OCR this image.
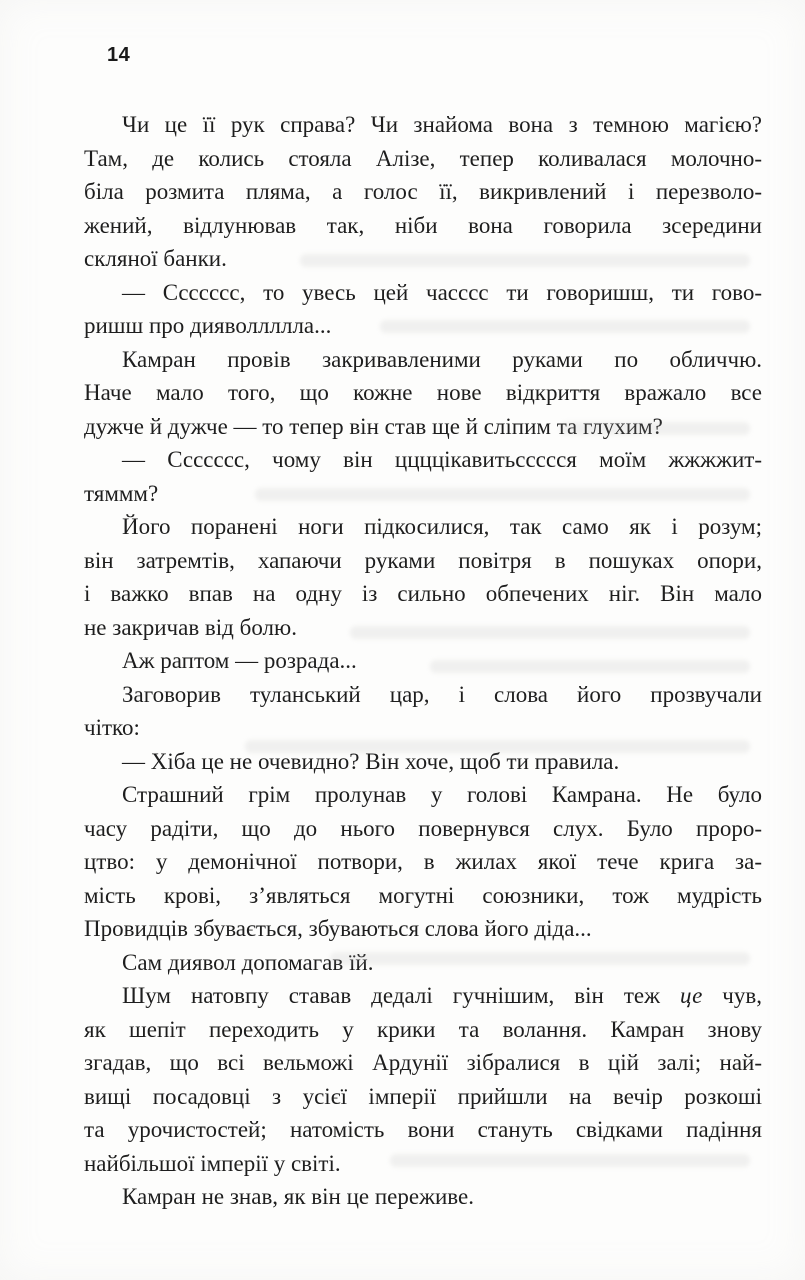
14
Чи це її рук справа? Чи знайома вона з темною магією?
Там, де колись стояла Алізе, тепер коливалася молочно-
біла розмита пляма, а голос її, викривлений і перезволо-
жений, відлунював так, ніби вона говорила зсередини
скляної банки.
— Ссссссс, то увесь цей часссс ти говоришш, ти гово-
ришш про дияволлллла...
Камран провів закривавленими руками по обличчю.
Наче мало того, що кожне нове відкриття вражало все
дужче й дужче — то тепер він став ще й сліпим та глухим?
— Ссссссс, чому він ццццікавитьссссся моїм жжжжит-
тяммм?
Його поранені ноги підкосилися, так само як і розум;
він затремтів, хапаючи руками повітря в пошуках опори,
і важко впав на одну із сильно обпечених ніг. Він мало
не закричав від болю.
Аж раптом — розрада...
Заговорив туланський цар, і слова його прозвучали
чітко:
— Хіба це не очевидно? Він хоче, щоб ти правила.
Страшний грім пролунав у голові Камрана. Не було
часу радіти, що до нього повернувся слух. Було проро-
цтво: у демонічної потвори, в жилах якої тече крига за-
мість крові, з’являться могутні союзники, тож мудрість
Провидців збувається, збуваються слова його діда...
Сам диявол допомагав їй.
Шум натовпу ставав дедалі гучнішим, він теж це чув,
як шепіт переходить у крики та волання. Камран знову
згадав, що всі вельможі Ардунії зібралися в цій залі; най-
вищі посадовці з усієї імперії прийшли на вечір розкоші
та урочистостей; натомість вони стануть свідками падіння
найбільшої імперії у світі.
Камран не знав, як він це переживе.
